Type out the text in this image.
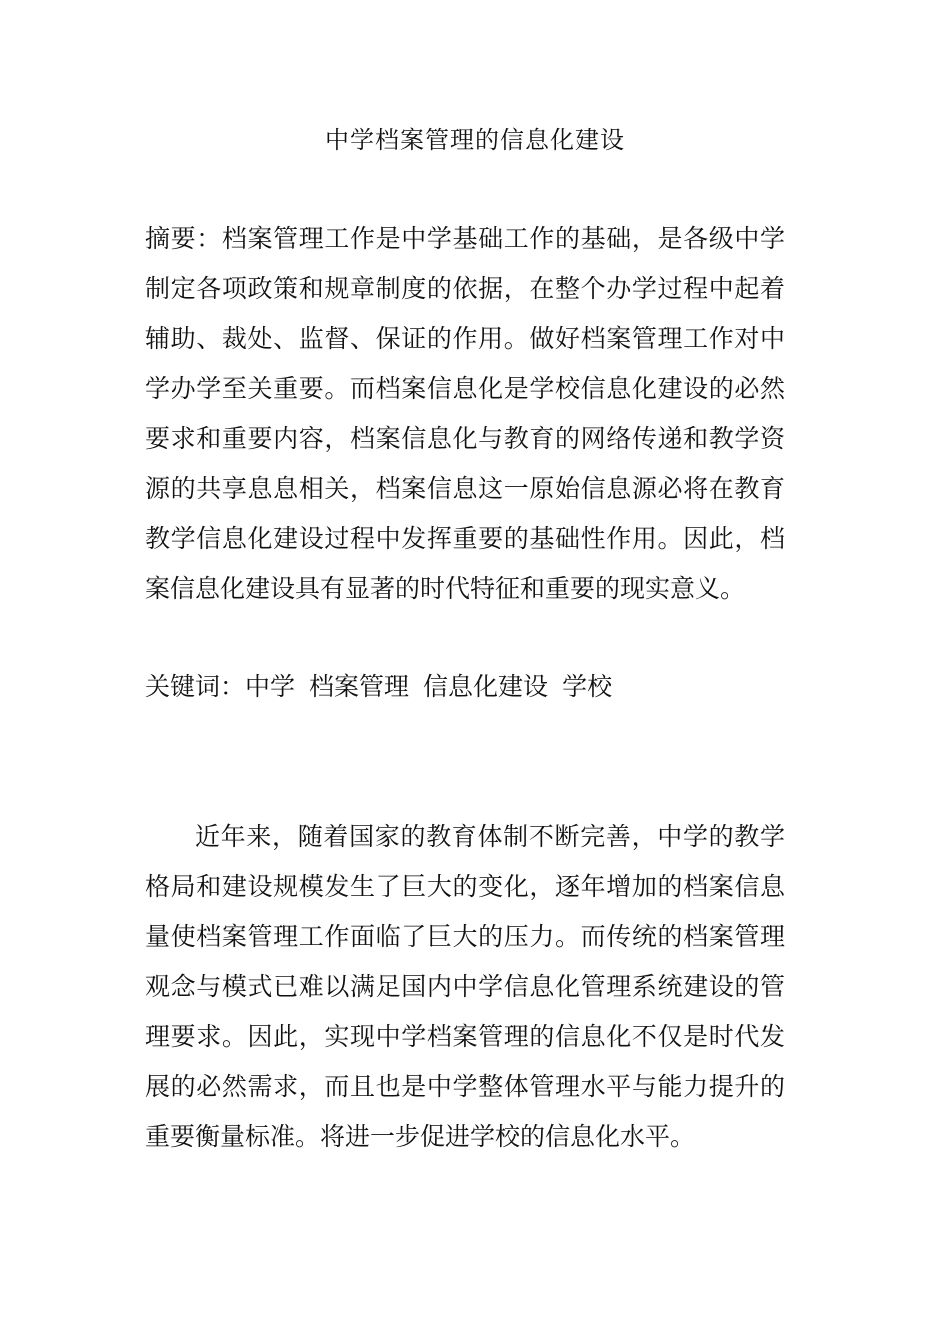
中学档案管理的信息化建设

摘要：档案管理工作是中学基础工作的基础，是各级中学制定各项政策和规章制度的依据，在整个办学过程中起着辅助、裁处、监督、保证的作用。做好档案管理工作对中学办学至关重要。而档案信息化是学校信息化建设的必然要求和重要内容，档案信息化与教育的网络传递和教学资源的共享息息相关，档案信息这一原始信息源必将在教育教学信息化建设过程中发挥重要的基础性作用。因此，档案信息化建设具有显著的时代特征和重要的现实意义。

关键词：中学 档案管理 信息化建设 学校

近年来，随着国家的教育体制不断完善，中学的教学格局和建设规模发生了巨大的变化，逐年增加的档案信息量使档案管理工作面临了巨大的压力。而传统的档案管理观念与模式已难以满足国内中学信息化管理系统建设的管理要求。因此，实现中学档案管理的信息化不仅是时代发展的必然需求，而且也是中学整体管理水平与能力提升的重要衡量标准。将进一步促进学校的信息化水平。
